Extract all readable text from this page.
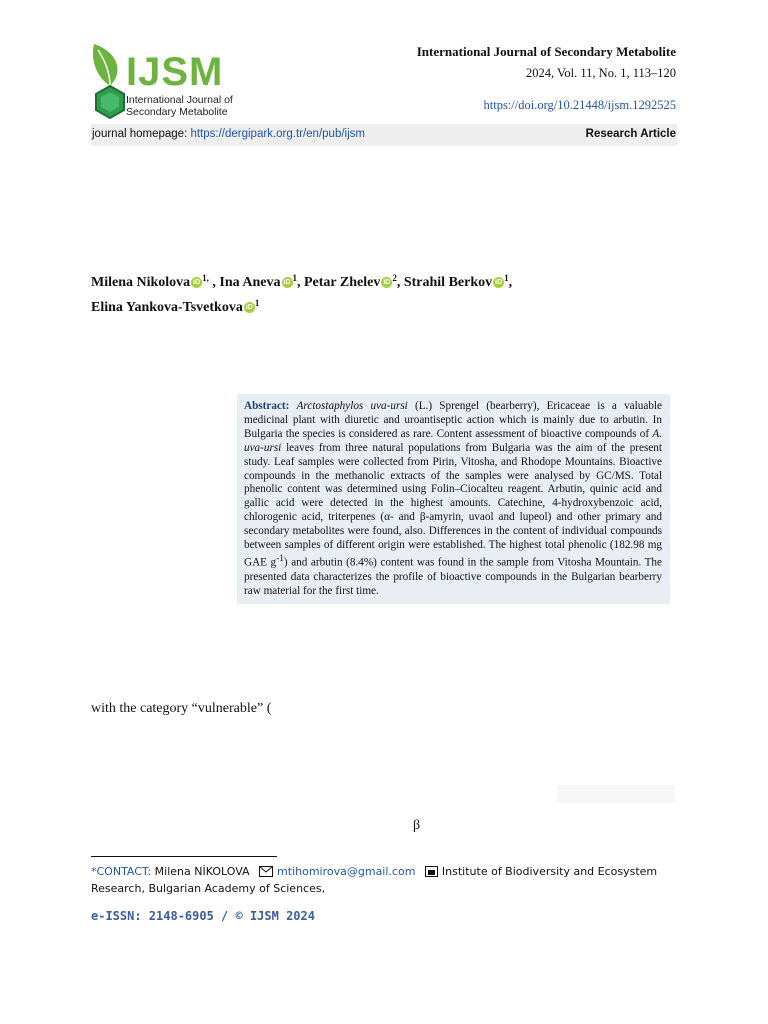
IJSM
International Journal of
Secondary Metabolite
International Journal of Secondary Metabolite
2024, Vol. 11, No. 1, 113–120
https://doi.org/10.21448/ijsm.1292525
journal homepage: https://dergipark.org.tr/en/pub/ijsm	Research Article
Milena Nikolova iD $^{1,}$ , Ina Aneva iD $^1$, Petar Zhelev iD $^2$, Strahil Berkov iD $^1$,
Elina Yankova-Tsvetkova iD $^1$
Abstract: Arctostaphylos uva-ursi (L.) Sprengel (bearberry), Ericaceae is a valuable medicinal plant with diuretic and uroantiseptic action which is mainly due to arbutin. In Bulgaria the species is considered as rare. Content assessment of bioactive compounds of A. uva-ursi leaves from three natural populations from Bulgaria was the aim of the present study. Leaf samples were collected from Pirin, Vitosha, and Rhodope Mountains. Bioactive compounds in the methanolic extracts of the samples were analysed by GC/MS. Total phenolic content was determined using Folin–Ciocalteu reagent. Arbutin, quinic acid and gallic acid were detected in the highest amounts. Catechine, 4-hydroxybenzoic acid, chlorogenic acid, triterpenes (α- and β-amyrin, uvaol and lupeol) and other primary and secondary metabolites were found, also. Differences in the content of individual compounds between samples of different origin were established. The highest total phenolic (182.98 mg GAE $g^{-1}$) and arbutin (8.4%) content was found in the sample from Vitosha Mountain. The presented data characterizes the profile of bioactive compounds in the Bulgarian bearberry raw material for the first time.
with the category “vulnerable” (
β
*CONTACT: Milena NİKOLOVA	mtihomirova@gmail.com Institute of Biodiversity and Ecosystem Research, Bulgarian Academy of Sciences,
e-ISSN: 2148-6905 / © IJSM 2024
